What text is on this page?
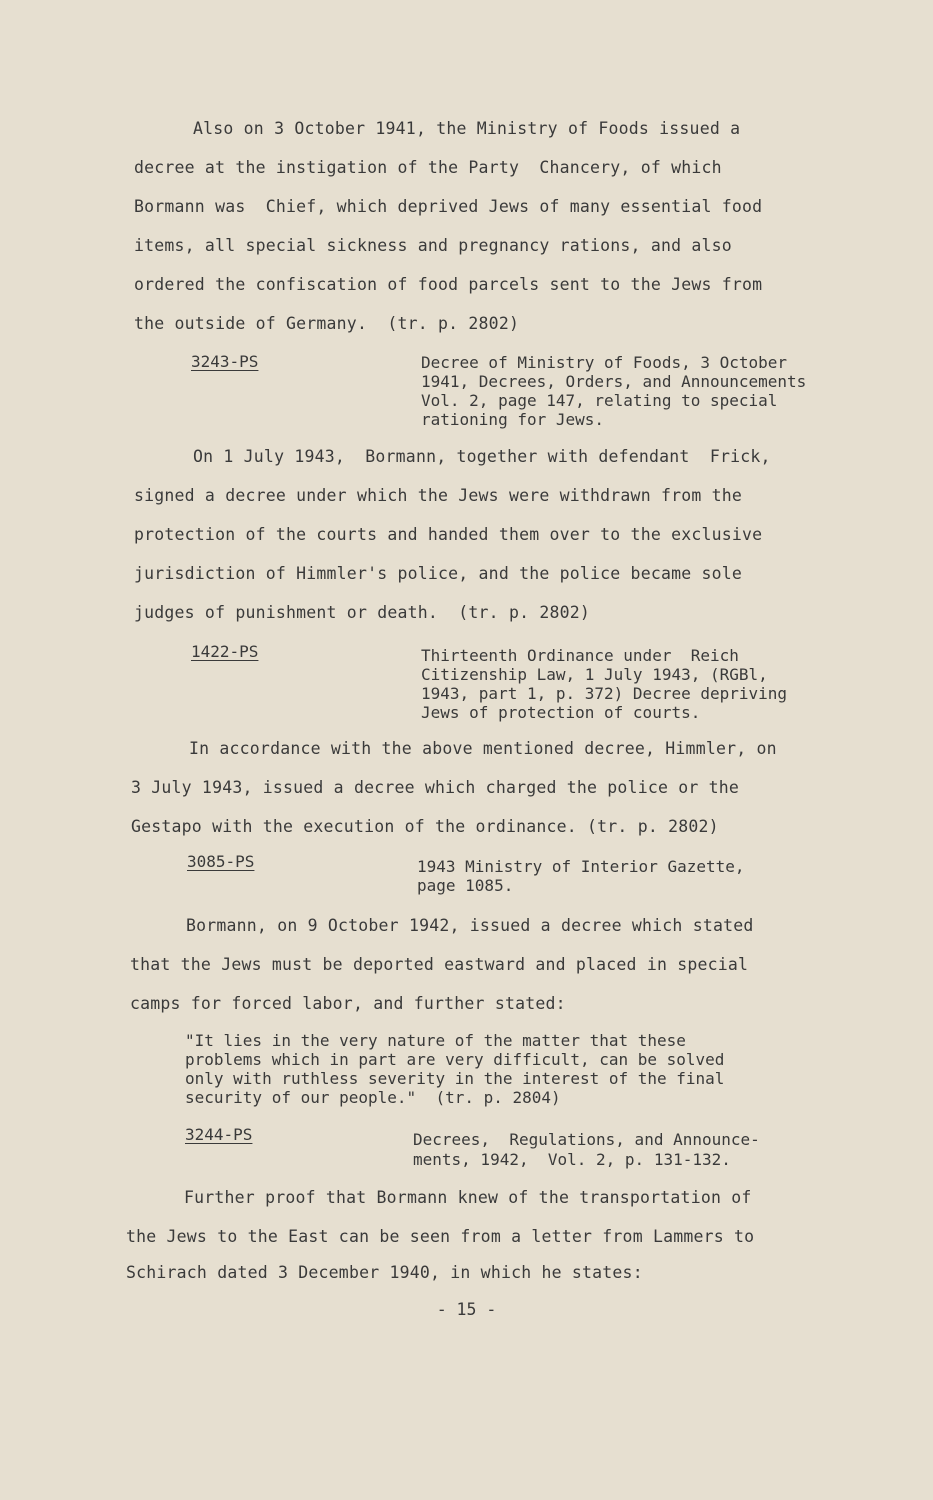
Also on 3 October 1941, the Ministry of Foods issued a
decree at the instigation of the Party  Chancery, of which
Bormann was  Chief, which deprived Jews of many essential food
items, all special sickness and pregnancy rations, and also
ordered the confiscation of food parcels sent to the Jews from
the outside of Germany.  (tr. p. 2802)
3243-PS	Decree of Ministry of Foods, 3 October
1941, Decrees, Orders, and Announcements
Vol. 2, page 147, relating to special
rationing for Jews.
On 1 July 1943,  Bormann, together with defendant  Frick,
signed a decree under which the Jews were withdrawn from the
protection of the courts and handed them over to the exclusive
jurisdiction of Himmler's police, and the police became sole
judges of punishment or death.  (tr. p. 2802)
1422-PS	Thirteenth Ordinance under  Reich
Citizenship Law, 1 July 1943, (RGBl,
1943, part 1, p. 372) Decree depriving
Jews of protection of courts.
In accordance with the above mentioned decree, Himmler, on
3 July 1943, issued a decree which charged the police or the
Gestapo with the execution of the ordinance. (tr. p. 2802)
3085-PS	1943 Ministry of Interior Gazette,
page 1085.
Bormann, on 9 October 1942, issued a decree which stated
that the Jews must be deported eastward and placed in special
camps for forced labor, and further stated:
"It lies in the very nature of the matter that these
problems which in part are very difficult, can be solved
only with ruthless severity in the interest of the final
security of our people."  (tr. p. 2804)
3244-PS	Decrees,  Regulations, and Announce-
ments, 1942,  Vol. 2, p. 131-132.
Further proof that Bormann knew of the transportation of
the Jews to the East can be seen from a letter from Lammers to
Schirach dated 3 December 1940, in which he states:
- 15 -
